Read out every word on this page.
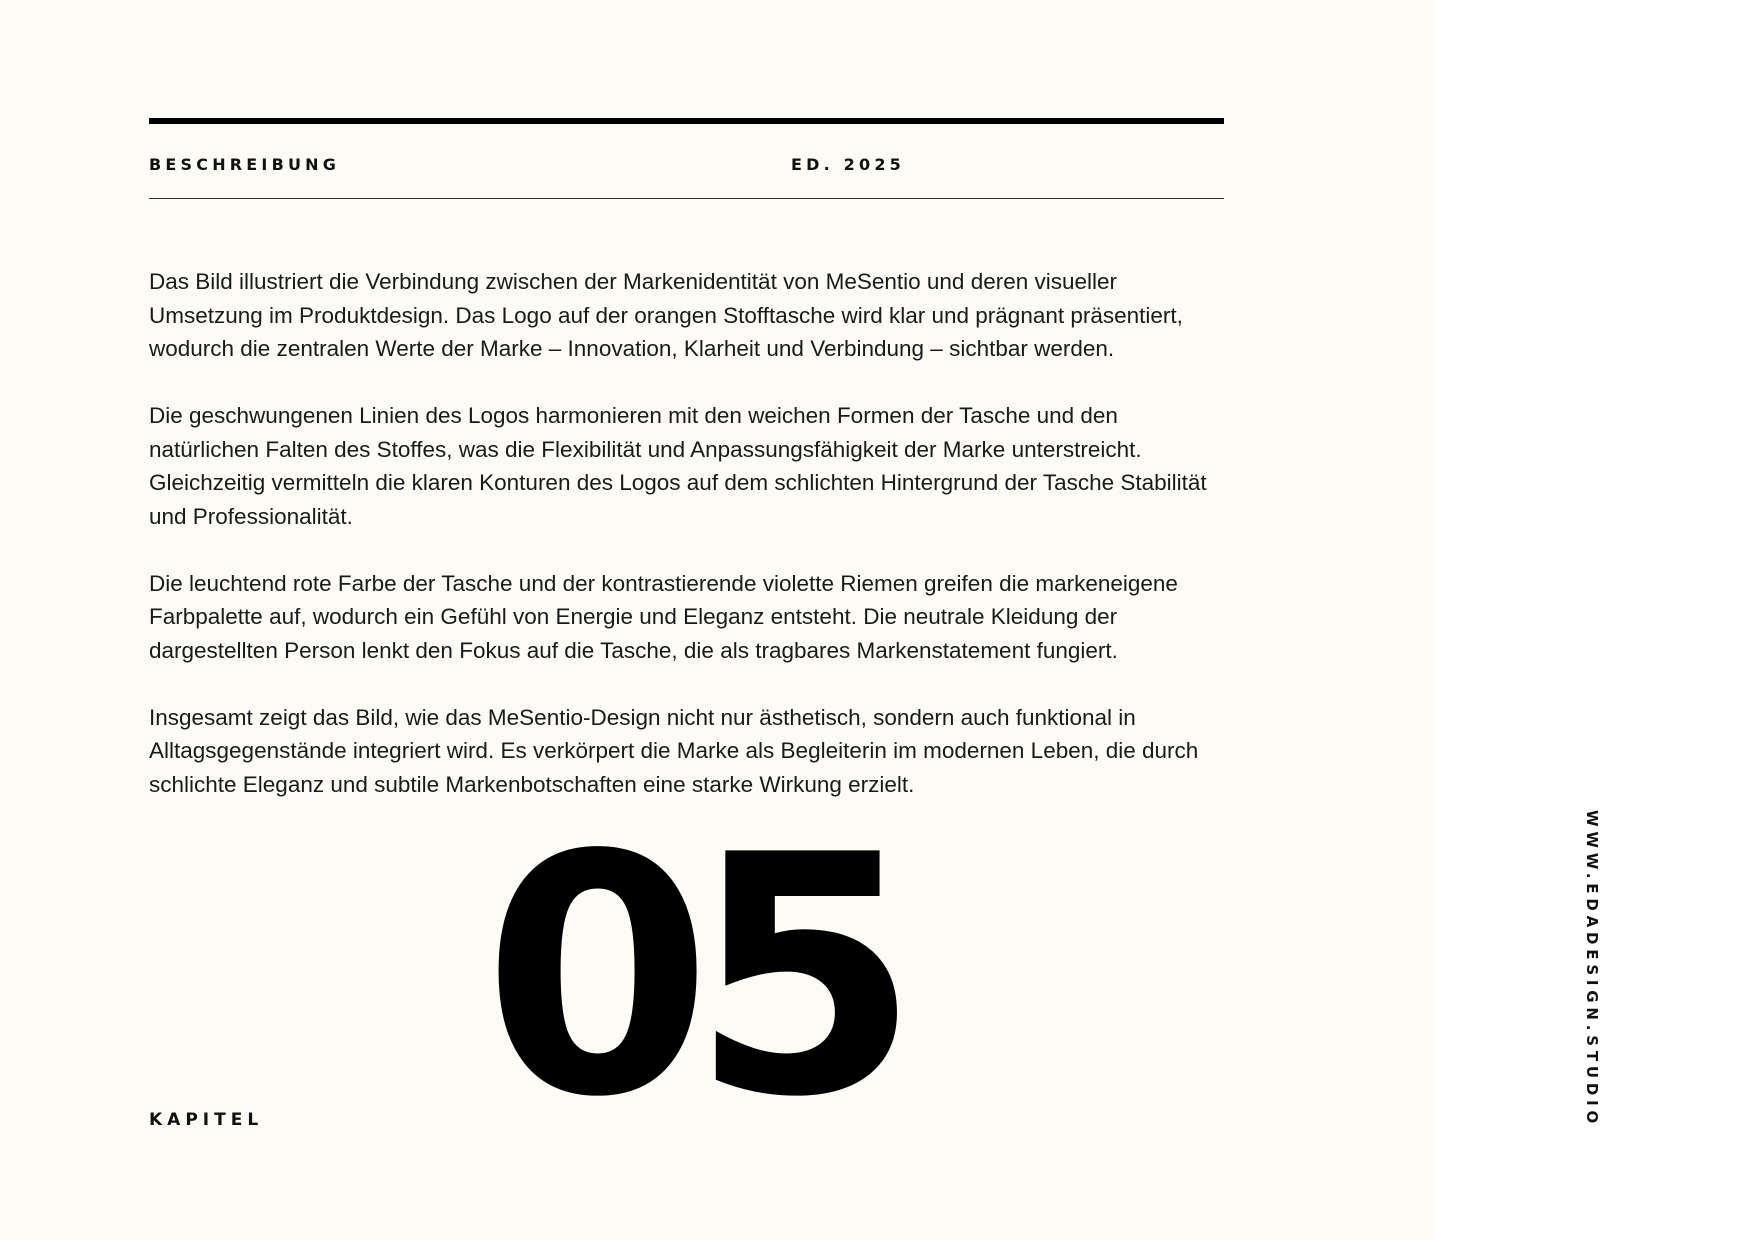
BESCHREIBUNG	ED. 2025

Das Bild illustriert die Verbindung zwischen der Markenidentität von MeSentio und deren visueller Umsetzung im Produktdesign. Das Logo auf der orangen Stofftasche wird klar und prägnant präsentiert, wodurch die zentralen Werte der Marke – Innovation, Klarheit und Verbindung – sichtbar werden.

Die geschwungenen Linien des Logos harmonieren mit den weichen Formen der Tasche und den natürlichen Falten des Stoffes, was die Flexibilität und Anpassungsfähigkeit der Marke unterstreicht. Gleichzeitig vermitteln die klaren Konturen des Logos auf dem schlichten Hintergrund der Tasche Stabilität und Professionalität.

Die leuchtend rote Farbe der Tasche und der kontrastierende violette Riemen greifen die markeneigene Farbpalette auf, wodurch ein Gefühl von Energie und Eleganz entsteht. Die neutrale Kleidung der dargestellten Person lenkt den Fokus auf die Tasche, die als tragbares Markenstatement fungiert.

Insgesamt zeigt das Bild, wie das MeSentio-Design nicht nur ästhetisch, sondern auch funktional in Alltagsgegenstände integriert wird. Es verkörpert die Marke als Begleiterin im modernen Leben, die durch schlichte Eleganz und subtile Markenbotschaften eine starke Wirkung erzielt.

KAPITEL 05	WWW.EDADESIGN.STUDIO
